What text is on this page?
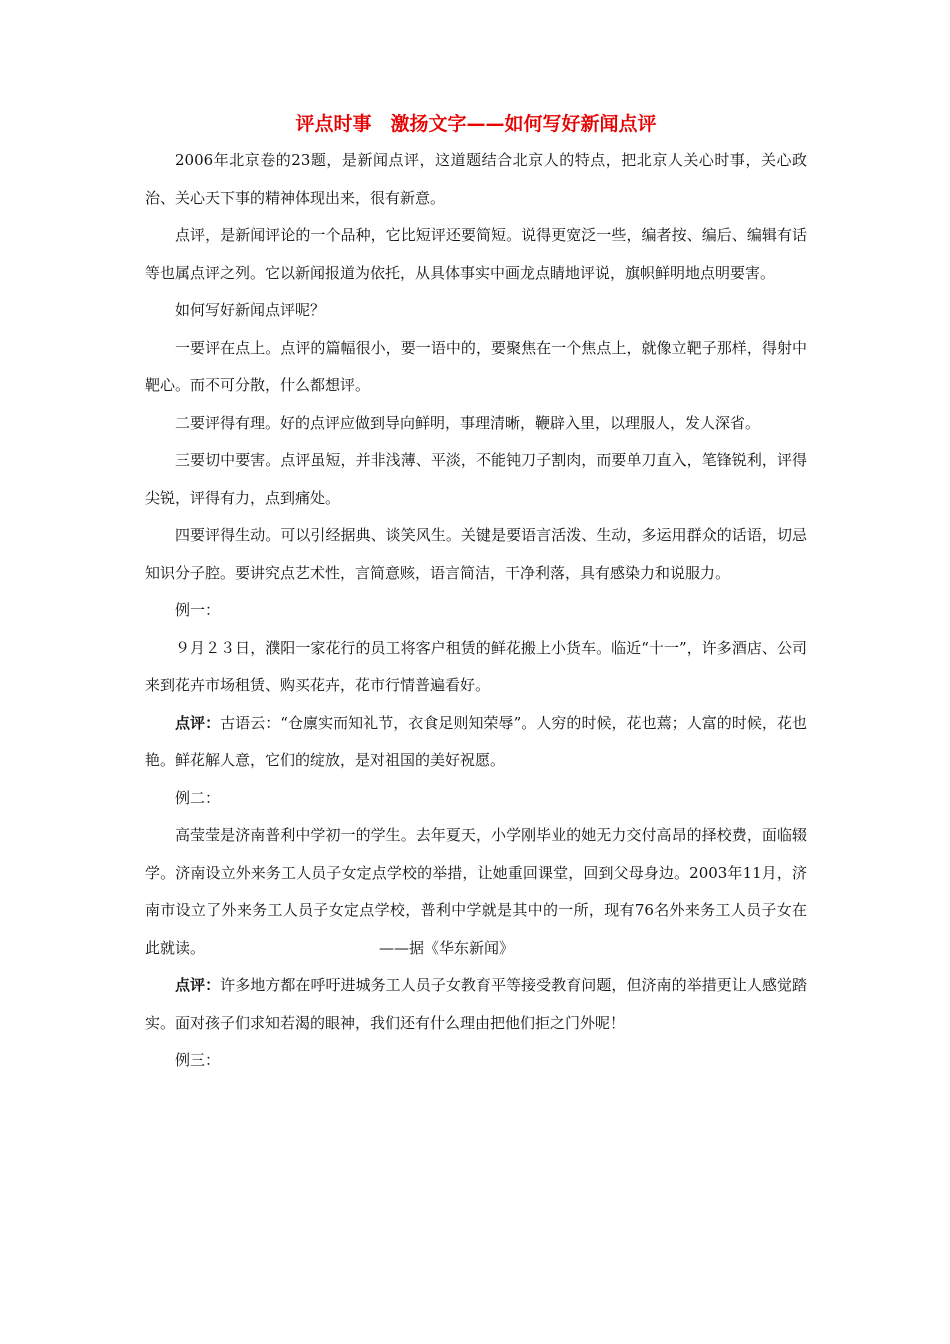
评点时事　激扬文字——如何写好新闻点评

2006年北京卷的23题，是新闻点评，这道题结合北京人的特点，把北京人关心时事，关心政治、关心天下事的精神体现出来，很有新意。

点评，是新闻评论的一个品种，它比短评还要简短。说得更宽泛一些，编者按、编后、编辑有话等也属点评之列。它以新闻报道为依托，从具体事实中画龙点睛地评说，旗帜鲜明地点明要害。

如何写好新闻点评呢？

一要评在点上。点评的篇幅很小，要一语中的，要聚焦在一个焦点上，就像立靶子那样，得射中靶心。而不可分散，什么都想评。

二要评得有理。好的点评应做到导向鲜明，事理清晰，鞭辟入里，以理服人，发人深省。

三要切中要害。点评虽短，并非浅薄、平淡，不能钝刀子割肉，而要单刀直入，笔锋锐利，评得尖锐，评得有力，点到痛处。

四要评得生动。可以引经据典、谈笑风生。关键是要语言活泼、生动，多运用群众的话语，切忌知识分子腔。要讲究点艺术性，言简意赅，语言简洁，干净利落，具有感染力和说服力。

例一：

９月２３日，濮阳一家花行的员工将客户租赁的鲜花搬上小货车。临近“十一”，许多酒店、公司来到花卉市场租赁、购买花卉，花市行情普遍看好。

点评：古语云：“仓廪实而知礼节，衣食足则知荣辱”。人穷的时候，花也蔫；人富的时候，花也艳。鲜花解人意，它们的绽放，是对祖国的美好祝愿。

例二：

高莹莹是济南普利中学初一的学生。去年夏天，小学刚毕业的她无力交付高昂的择校费，面临辍学。济南设立外来务工人员子女定点学校的举措，让她重回课堂，回到父母身边。2003年11月，济南市设立了外来务工人员子女定点学校，普利中学就是其中的一所，现有76名外来务工人员子女在此就读。	——据《华东新闻》

点评：许多地方都在呼吁进城务工人员子女教育平等接受教育问题，但济南的举措更让人感觉踏实。面对孩子们求知若渴的眼神，我们还有什么理由把他们拒之门外呢！

例三：
